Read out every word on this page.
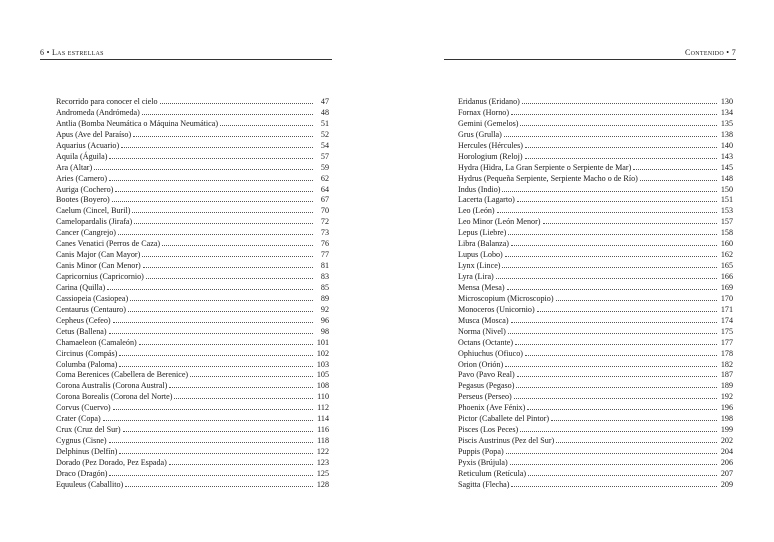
6 • Las estrellas
Recorrido para conocer el cielo	47
Andromeda (Andrómeda)	48
Antlia (Bomba Neumática o Máquina Neumática)	51
Apus (Ave del Paraíso)	52
Aquarius (Acuario)	54
Aquila (Águila)	57
Ara (Altar)	59
Aries (Carnero)	62
Auriga (Cochero)	64
Bootes (Boyero)	67
Caelum (Cincel, Buril)	70
Camelopardalis (Jirafa)	72
Cancer (Cangrejo)	73
Canes Venatici (Perros de Caza)	76
Canis Major (Can Mayor)	77
Canis Minor (Can Menor)	81
Capricornius (Capricornio)	83
Carina (Quilla)	85
Cassiopeia (Casiopea)	89
Centaurus (Centauro)	92
Cepheus (Cefeo)	96
Cetus (Ballena)	98
Chamaeleon (Camaleón)	101
Circinus (Compás)	102
Columba (Paloma)	103
Coma Berenices (Cabellera de Berenice)	105
Corona Australis (Corona Austral)	108
Corona Borealis (Corona del Norte)	110
Corvus (Cuervo)	112
Crater (Copa)	114
Crux (Cruz del Sur)	116
Cygnus (Cisne)	118
Delphinus (Delfín)	122
Dorado (Pez Dorado, Pez Espada)	123
Draco (Dragón)	125
Equuleus (Caballito)	128
Contenido • 7
Eridanus (Eridano)	130
Fornax (Horno)	134
Gemini (Gemelos)	135
Grus (Grulla)	138
Hercules (Hércules)	140
Horologium (Reloj)	143
Hydra (Hidra, La Gran Serpiente o Serpiente de Mar)	145
Hydrus (Pequeña Serpiente, Serpiente Macho o de Río)	148
Indus (Indio)	150
Lacerta (Lagarto)	151
Leo (León)	153
Leo Minor (León Menor)	157
Lepus (Liebre)	158
Libra (Balanza)	160
Lupus (Lobo)	162
Lynx (Lince)	165
Lyra (Lira)	166
Mensa (Mesa)	169
Microscopium (Microscopio)	170
Monoceros (Unicornio)	171
Musca (Mosca)	174
Norma (Nivel)	175
Octans (Octante)	177
Ophiuchus (Ofiuco)	178
Orion (Orión)	182
Pavo (Pavo Real)	187
Pegasus (Pegaso)	189
Perseus (Perseo)	192
Phoenix (Ave Fénix)	196
Pictor (Caballete del Pintor)	198
Pisces (Los Peces)	199
Piscis Austrinus (Pez del Sur)	202
Puppis (Popa)	204
Pyxis (Brújula)	206
Reticulum (Retícula)	207
Sagitta (Flecha)	209
